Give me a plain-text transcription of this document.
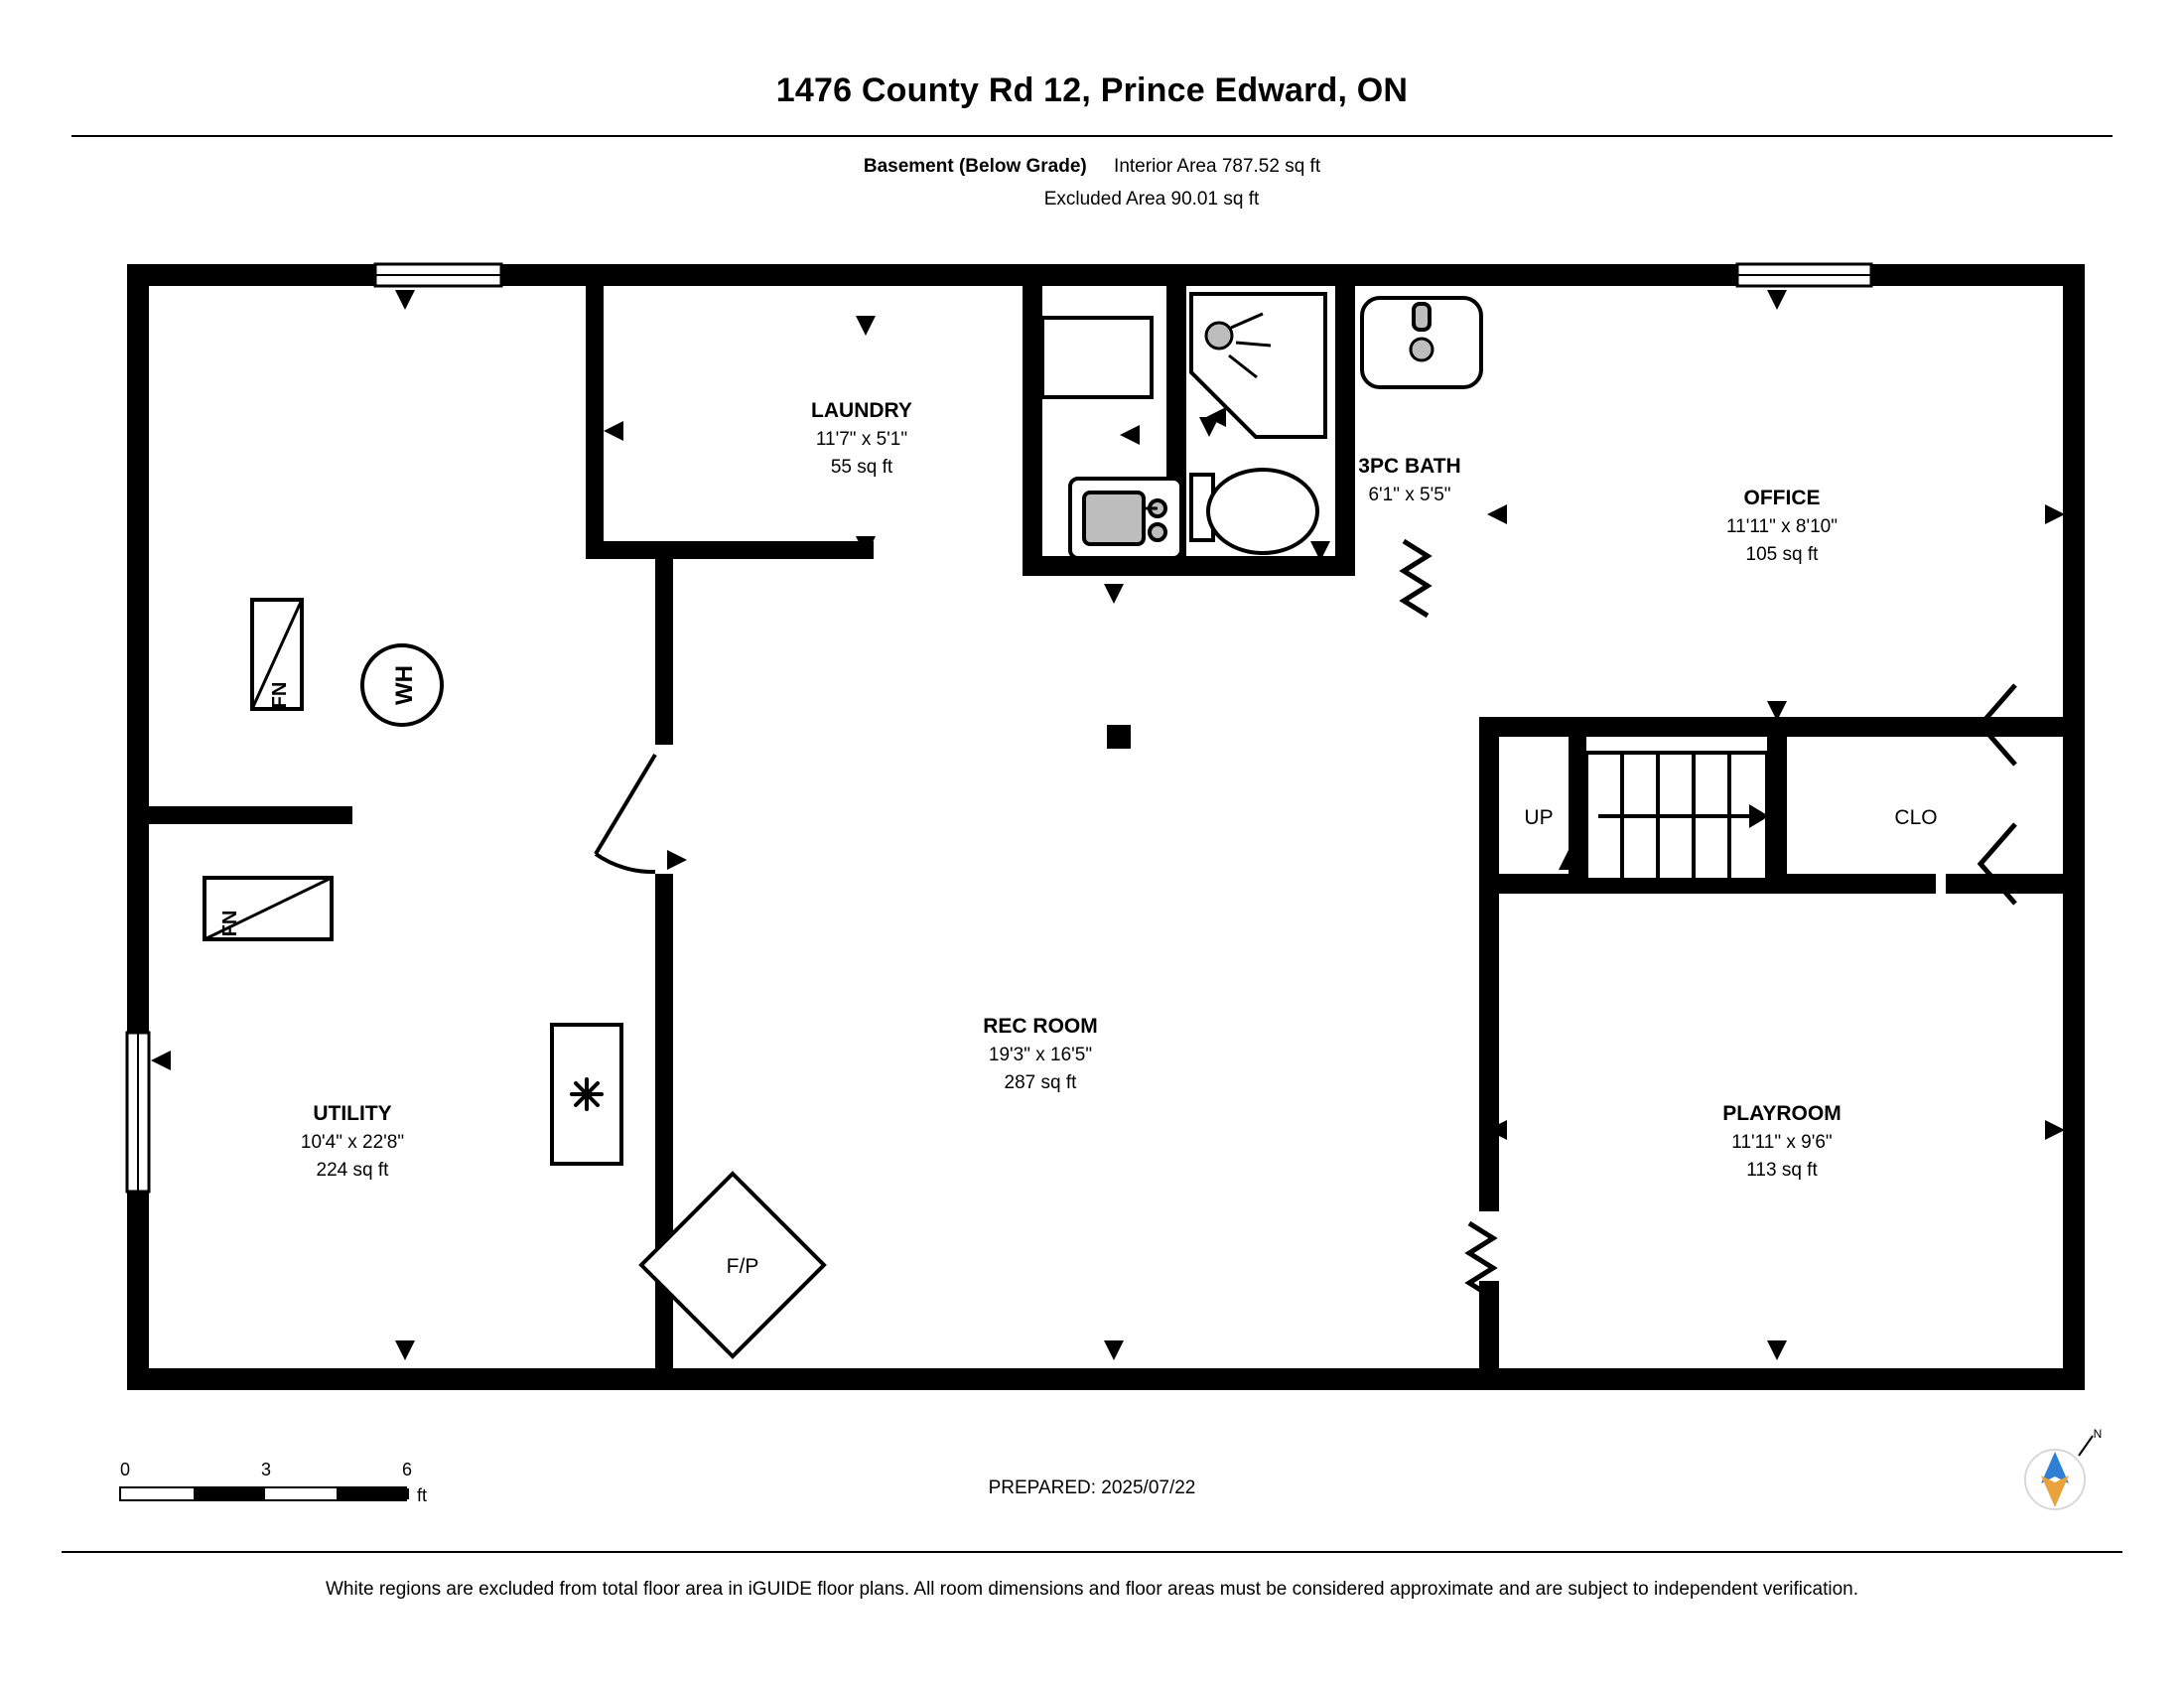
1476 County Rd 12, Prince Edward, ON
Basement (Below Grade) Interior Area 787.52 sq ft
Excluded Area 90.01 sq ft
WH
FN
FN
F/P
UP	CLO
LAUNDRY
11'7" x 5'1"
55 sq ft	3PC BATH
6'1" x 5'5"	OFFICE
11'11" x 8'10"
105 sq ft
REC ROOM
19'3" x 16'5"
287 sq ft
UTILITY
10'4" x 22'8"
224 sq ft
PLAYROOM
11'11" x 9'6"
113 sq ft
0	3	6
ft	PREPARED: 2025/07/22
N
White regions are excluded from total floor area in iGUIDE floor plans. All room dimensions and floor areas must be considered approximate and are subject to independent verification.
